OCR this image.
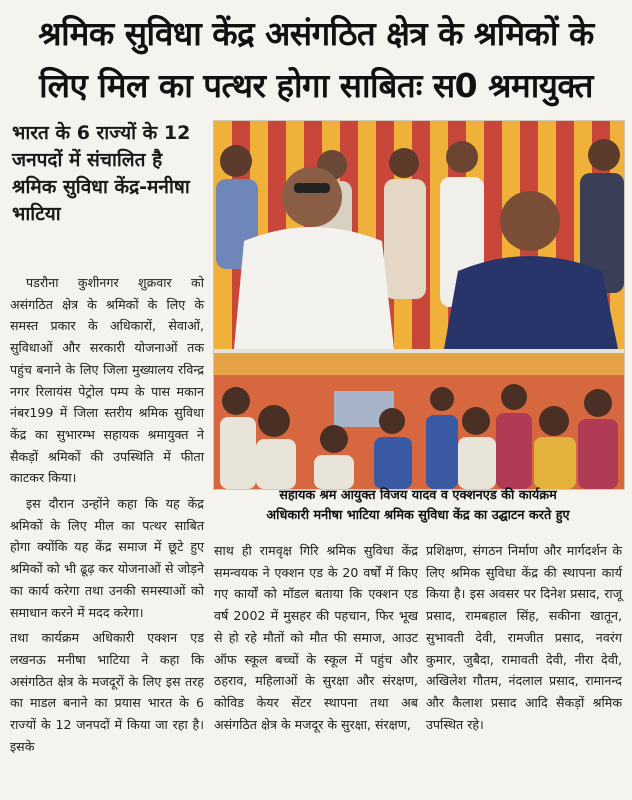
श्रमिक सुविधा केंद्र असंगठित क्षेत्र के श्रमिकों के
लिए मिल का पत्थर होगा साबितः स0 श्रमायुक्त
भारत के 6 राज्यों के 12 जनपदों में संचालित है श्रमिक सुविधा केंद्र-मनीषा भाटिया
सहायक श्रम आयुक्त विजय यादव व एक्शनएड की कार्यक्रम
अधिकारी मनीषा भाटिया श्रमिक सुविधा केंद्र का उद्घाटन करते हुए

पडरौना कुशीनगर शुक्रवार को असंगठित क्षेत्र के श्रमिकों के लिए के समस्त प्रकार के अधिकारों, सेवाओं, सुविधाओं और सरकारी योजनाओं तक पहुंच बनाने के लिए जिला मुख्यालय रविन्द्र नगर रिलायंस पेट्रोल पम्प के पास मकान नंबर199 में जिला स्तरीय श्रमिक सुविधा केंद्र का सुभारम्भ सहायक श्रमायुक्त ने सैकड़ों श्रमिकों की उपस्थिति में फीता काटकर किया।

इस दौरान उन्होंने कहा कि यह केंद्र श्रमिकों के लिए मील का पत्थर साबित होगा क्योंकि यह केंद्र समाज में छूटे हुए श्रमिकों को भी ढूढ़ कर योजनाओं से जोड़ने का कार्य करेगा तथा उनकी समस्याओं को समाधान करने में मदद करेगा।

तथा कार्यक्रम अधिकारी एक्शन एड लखनऊ मनीषा भाटिया ने कहा कि असंगठित क्षेत्र के मजदूरों के लिए इस तरह का माडल बनाने का प्रयास भारत के 6 राज्यों के 12 जनपदों में किया जा रहा है। इसके

साथ ही रामवृक्ष गिरि श्रमिक सुविधा केंद्र समन्वयक ने एक्शन एड के 20 वर्षों में किए गए कार्यों को मॉडल बताया कि एक्शन एड वर्ष 2002 में मुसहर की पहचान, फिर भूख से हो रहे मौतों को मौत फी समाज, आउट ऑफ स्कूल बच्चों के स्कूल में पहुंच और ठहराव, महिलाओं के सुरक्षा और संरक्षण, कोविड केयर सेंटर स्थापना तथा अब असंगठित क्षेत्र के मजदूर के सुरक्षा, संरक्षण,

प्रशिक्षण, संगठन निर्माण और मार्गदर्शन के लिए श्रमिक सुविधा केंद्र की स्थापना कार्य किया है। इस अवसर पर दिनेश प्रसाद, राजू प्रसाद, रामबहाल सिंह, सकीना खातून, सुभावती देवी, रामजीत प्रसाद, नवरंग कुमार, जुबैदा, रामावती देवी, नीरा देवी, अखिलेश गौतम, नंदलाल प्रसाद, रामानन्द और कैलाश प्रसाद आदि सैकड़ों श्रमिक उपस्थित रहे।
